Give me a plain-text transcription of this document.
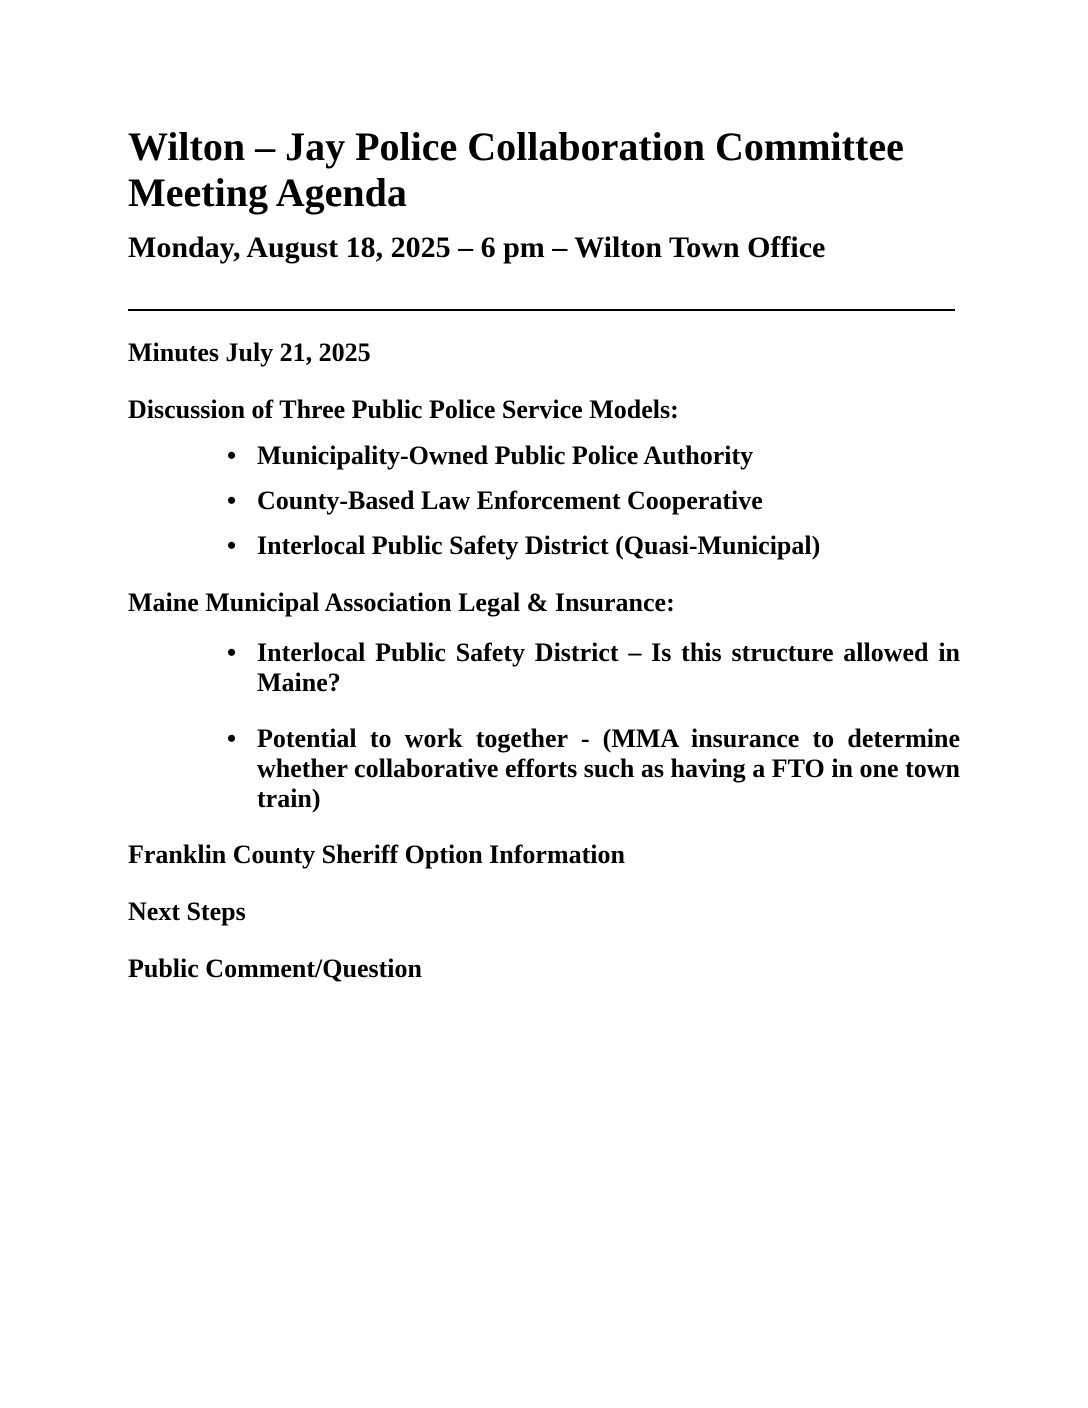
Wilton – Jay Police Collaboration Committee Meeting Agenda
Monday, August 18, 2025 – 6 pm – Wilton Town Office

Minutes July 21, 2025

Discussion of Three Public Police Service Models:

• Municipality-Owned Public Police Authority
• County-Based Law Enforcement Cooperative
• Interlocal Public Safety District (Quasi-Municipal)

Maine Municipal Association Legal & Insurance:

• Interlocal Public Safety District – Is this structure allowed in Maine?
• Potential to work together - (MMA insurance to determine whether collaborative efforts such as having a FTO in one town train)

Franklin County Sheriff Option Information

Next Steps

Public Comment/Question
